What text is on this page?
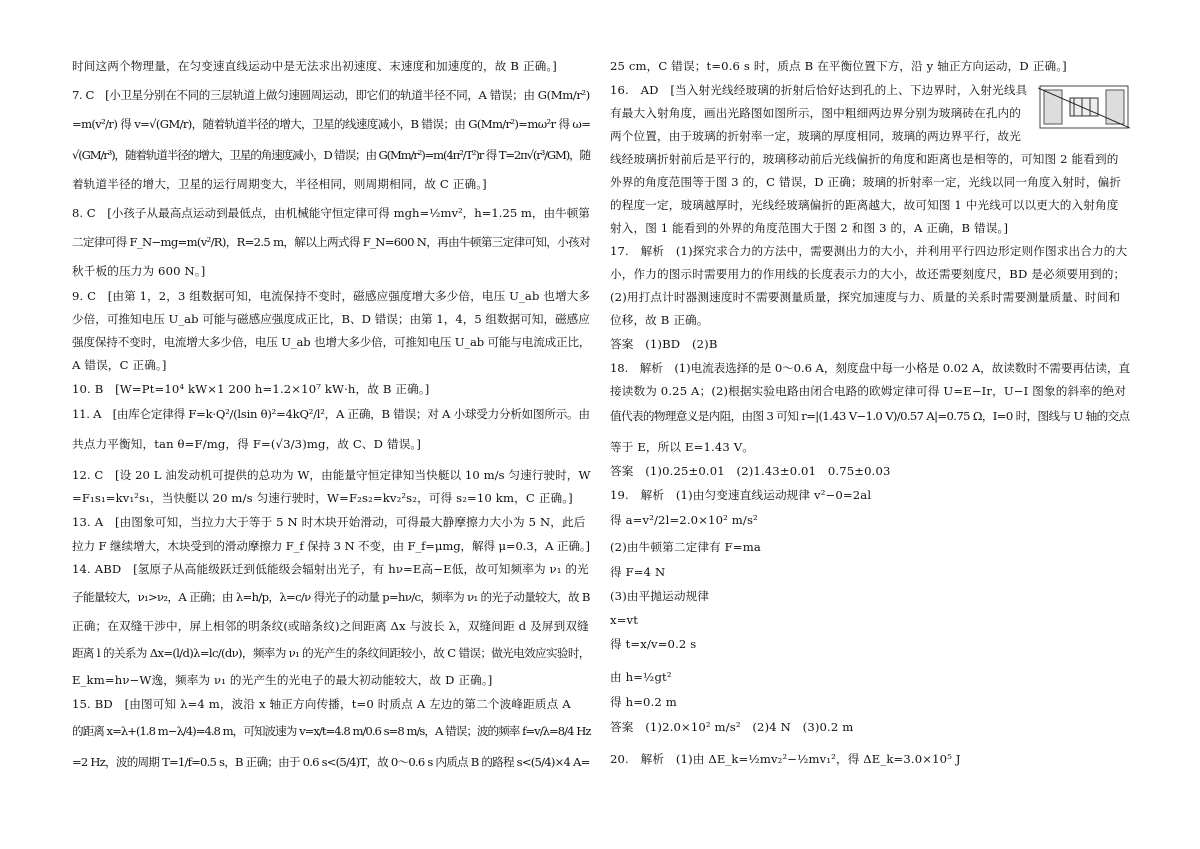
时间这两个物理量，在匀变速直线运动中是无法求出初速度、末速度和加速度的，故 B 正确。]
7. C　[小卫星分别在不同的三层轨道上做匀速圆周运动，即它们的轨道半径不同，A 错误；由 G(Mm/r²)
=m(v²/r) 得 v=√(GM/r)，随着轨道半径的增大，卫星的线速度减小，B 错误；由 G(Mm/r²)=mω²r 得 ω=
√(GM/r³)，随着轨道半径的增大，卫星的角速度减小，D 错误；由 G(Mm/r²)=m(4π²/T²)r 得 T=2π√(r³/GM)，随
着轨道半径的增大，卫星的运行周期变大，半径相同，则周期相同，故 C 正确。]
8. C　[小孩子从最高点运动到最低点，由机械能守恒定律可得 mgh=½mv²，h=1.25 m，由牛顿第
二定律可得 F_N−mg=m(v²/R)，R=2.5 m，解以上两式得 F_N=600 N，再由牛顿第三定律可知，小孩对
秋千板的压力为 600 N。]
9. C　[由第 1，2，3 组数据可知，电流保持不变时，磁感应强度增大多少倍，电压 U_ab 也增大多
少倍，可推知电压 U_ab 可能与磁感应强度成正比，B、D 错误；由第 1，4，5 组数据可知，磁感应
强度保持不变时，电流增大多少倍，电压 U_ab 也增大多少倍，可推知电压 U_ab 可能与电流成正比，
A 错误，C 正确。]
10. B　[W=Pt=10⁴ kW×1 200 h=1.2×10⁷ kW·h，故 B 正确。]
11. A　[由库仑定律得 F=k·Q²/(lsin θ)²=4kQ²/l²，A 正确，B 错误；对 A 小球受力分析如图所示。由
共点力平衡知，tan θ=F/mg，得 F=(√3/3)mg，故 C、D 错误。]
12. C　[设 20 L 油发动机可提供的总功为 W，由能量守恒定律知当快艇以 10 m/s 匀速行驶时，W
=F₁s₁=kv₁²s₁，当快艇以 20 m/s 匀速行驶时，W=F₂s₂=kv₂²s₂，可得 s₂=10 km，C 正确。]
13. A　[由图象可知，当拉力大于等于 5 N 时木块开始滑动，可得最大静摩擦力大小为 5 N，此后
拉力 F 继续增大，木块受到的滑动摩擦力 F_f 保持 3 N 不变，由 F_f=μmg，解得 μ=0.3，A 正确。]
14. ABD　[氢原子从高能级跃迁到低能级会辐射出光子，有 hν=E高−E低，故可知频率为 ν₁ 的光
子能量较大，ν₁>ν₂，A 正确；由 λ=h/p，λ=c/ν 得光子的动量 p=hν/c，频率为 ν₁ 的光子动量较大，故 B
正确；在双缝干涉中，屏上相邻的明条纹(或暗条纹)之间距离 Δx 与波长 λ，双缝间距 d 及屏到双缝
距离 l 的关系为 Δx=(l/d)λ=lc/(dν)，频率为 ν₁ 的光产生的条纹间距较小，故 C 错误；做光电效应实验时，
E_km=hν−W逸，频率为 ν₁ 的光产生的光电子的最大初动能较大，故 D 正确。]
15. BD　[由图可知 λ=4 m，波沿 x 轴正方向传播，t=0 时质点 A 左边的第二个波峰距质点 A
的距离 x=λ+(1.8 m−λ/4)=4.8 m，可知波速为 v=x/t=4.8 m/0.6 s=8 m/s，A 错误；波的频率 f=v/λ=8/4 Hz
=2 Hz，波的周期 T=1/f=0.5 s，B 正确；由于 0.6 s<(5/4)T，故 0～0.6 s 内质点 B 的路程 s<(5/4)×4 A=
25 cm，C 错误；t=0.6 s 时，质点 B 在平衡位置下方，沿 y 轴正方向运动，D 正确。]
16.　AD　[当入射光线经玻璃的折射后恰好达到孔的上、下边界时，入射光线具
有最大入射角度，画出光路图如图所示，图中粗细两边界分别为玻璃砖在孔内的
两个位置，由于玻璃的折射率一定，玻璃的厚度相同，玻璃的两边界平行，故光
线经玻璃折射前后是平行的，玻璃移动前后光线偏折的角度和距离也是相等的，可知图 2 能看到的
外界的角度范围等于图 3 的，C 错误，D 正确；玻璃的折射率一定，光线以同一角度入射时，偏折
的程度一定，玻璃越厚时，光线经玻璃偏折的距离越大，故可知图 1 中光线可以以更大的入射角度
射入，图 1 能看到的外界的角度范围大于图 2 和图 3 的，A 正确，B 错误。]
17.　解析　(1)探究求合力的方法中，需要测出力的大小，并利用平行四边形定则作图求出合力的大
小，作力的图示时需要用力的作用线的长度表示力的大小，故还需要刻度尺，BD 是必须要用到的；
(2)用打点计时器测速度时不需要测量质量，探究加速度与力、质量的关系时需要测量质量、时间和
位移，故 B 正确。
答案　(1)BD　(2)B
18.　解析　(1)电流表选择的是 0～0.6 A，刻度盘中每一小格是 0.02 A，故读数时不需要再估读，直
接读数为 0.25 A；(2)根据实验电路由闭合电路的欧姆定律可得 U=E−Ir，U−I 图象的斜率的绝对
值代表的物理意义是内阻，由图 3 可知 r=|(1.43 V−1.0 V)/0.57 A|=0.75 Ω，I=0 时，图线与 U 轴的交点
等于 E，所以 E=1.43 V。
答案　(1)0.25±0.01　(2)1.43±0.01　0.75±0.03
19.　解析　(1)由匀变速直线运动规律 v²−0=2al
得 a=v²/2l=2.0×10² m/s²
(2)由牛顿第二定律有 F=ma
得 F=4 N
(3)由平抛运动规律
x=vt
得 t=x/v=0.2 s
由 h=½gt²
得 h=0.2 m
答案　(1)2.0×10² m/s²　(2)4 N　(3)0.2 m
20.　解析　(1)由 ΔE_k=½mv₂²−½mv₁²，得 ΔE_k=3.0×10⁵ J
